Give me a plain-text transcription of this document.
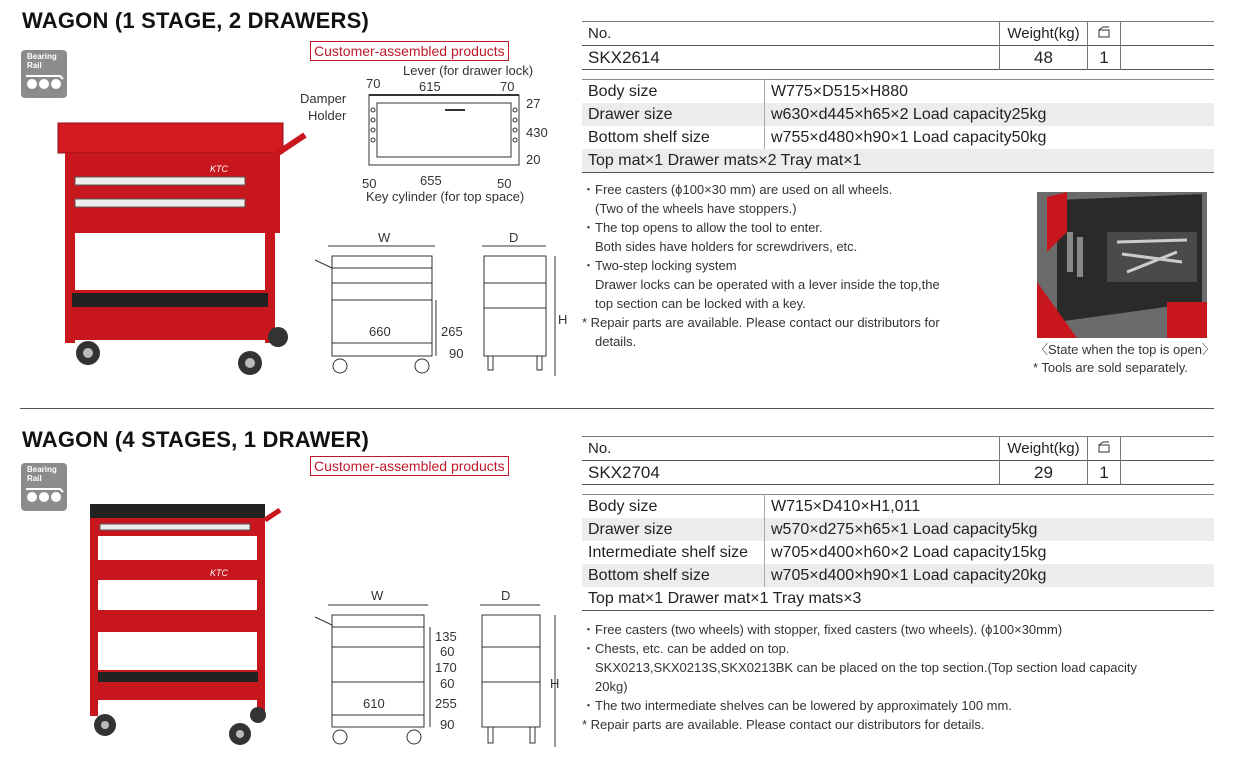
WAGON (1 STAGE, 2 DRAWERS)
Customer-assembled products
Bearing
Rail
KTC
Lever (for drawer lock)
Damper
Holder
70	615	70
27
430
20
50	655	50
Key cylinder (for top space)
W	D
H
660	265
90
No.	Weight(kg)		
SKX2614	48	1	
Body size	W775×D515×H880
Drawer size	w630×d445×h65×2 Load capacity25kg
Bottom shelf size	w755×d480×h90×1 Load capacity50kg
Top mat×1 Drawer mats×2 Tray mat×1	
・Free casters (ϕ100×30 mm) are used on all wheels.
(Two of the wheels have stoppers.)
・The top opens to allow the tool to enter.
Both sides have holders for screwdrivers, etc.
・Two-step locking system
Drawer locks can be operated with a lever inside the top,the
top section can be locked with a key.
* Repair parts are available. Please contact our distributors for
details.
〈State when the top is open〉
* Tools are sold separately.
WAGON (4 STAGES, 1 DRAWER)
Customer-assembled products
Bearing
Rail
KTC
W	D
H
610
135
60
170
60
255
90
No.	Weight(kg)		
SKX2704	29	1	
Body size	W715×D410×H1,011
Drawer size	w570×d275×h65×1 Load capacity5kg
Intermediate shelf size	w705×d400×h60×2 Load capacity15kg
Bottom shelf size	w705×d400×h90×1 Load capacity20kg
Top mat×1 Drawer mat×1 Tray mats×3	
・Free casters (two wheels) with stopper, fixed casters (two wheels). (ϕ100×30mm)
・Chests, etc. can be added on top.
SKX0213,SKX0213S,SKX0213BK can be placed on the top section.(Top section load capacity
20kg)
・The two intermediate shelves can be lowered by approximately 100 mm.
* Repair parts are available. Please contact our distributors for details.
